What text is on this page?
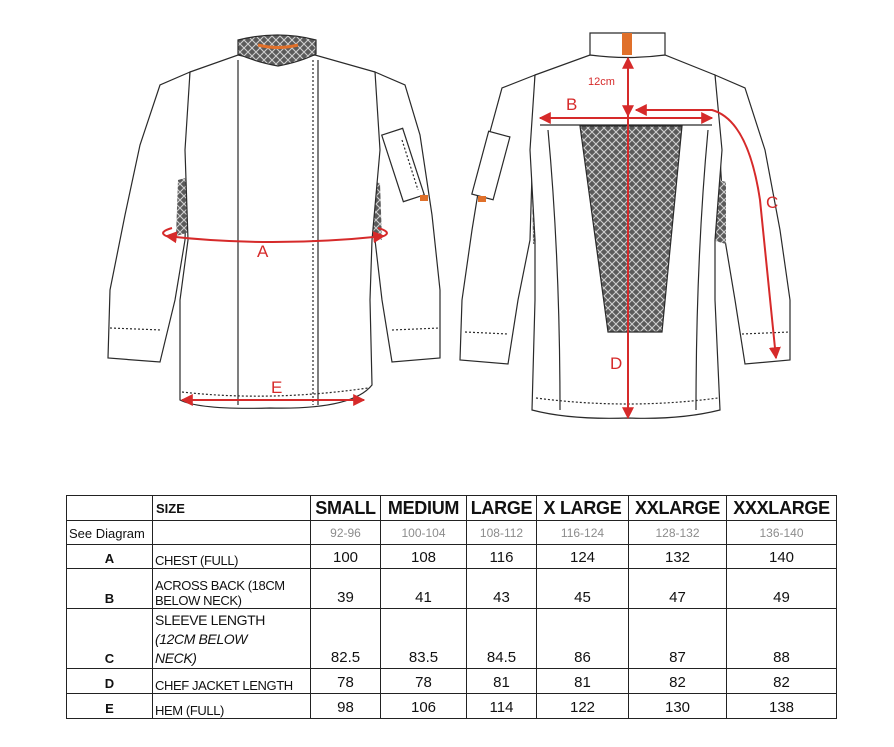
A
E
B
12cm
C
D
	SIZE	SMALL	MEDIUM	LARGE	X LARGE	XXLARGE	XXXLARGE
See Diagram		92-96	100-104	108-112	116-124	128-132	136-140
A	CHEST (FULL)	100	108	116	124	132	140
B	ACROSS BACK (18CM
BELOW NECK)	39	41	43	45	47	49
C	SLEEVE LENGTH
(12CM BELOW
NECK)	82.5	83.5	84.5	86	87	88
D	CHEF JACKET LENGTH	78	78	81	81	82	82
E	HEM (FULL)	98	106	114	122	130	138
